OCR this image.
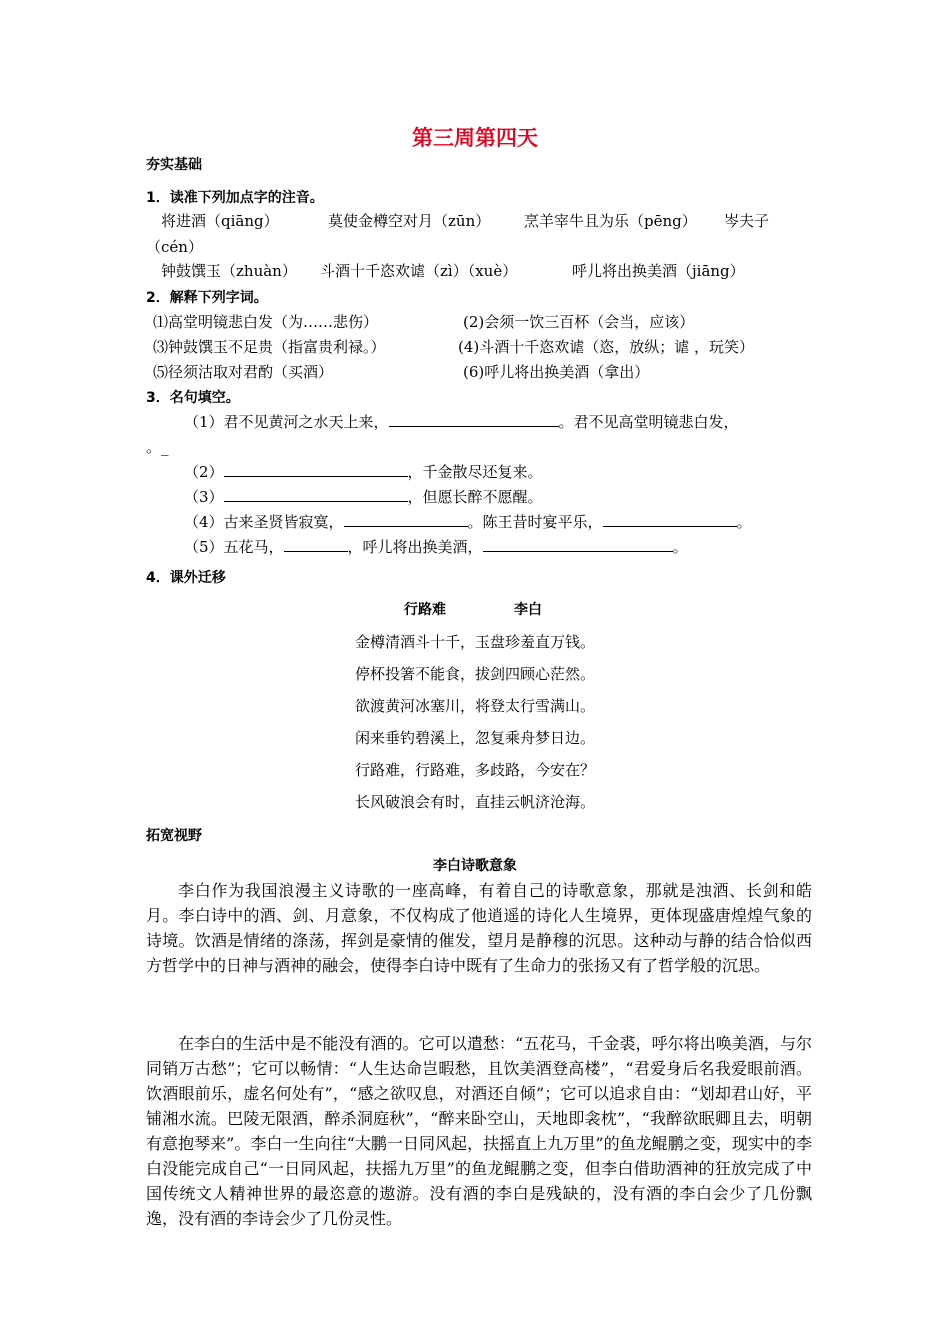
第三周第四天
夯实基础
1．读准下列加点字的注音。
将进酒（qiāng）	莫使金樽空对月（zūn） 烹羊宰牛且为乐（pēng） 岑夫子
（cén）
钟鼓馔玉（zhuàn） 斗酒十千恣欢谑（zì）（xuè）	呼儿将出换美酒（jiāng）
2．解释下列字词。
⑴高堂明镜悲白发（为……悲伤）	(2)会须一饮三百杯（会当，应该）
⑶钟鼓馔玉不足贵（指富贵利禄。）	(4)斗酒十千恣欢谑（恣，放纵；谑 ，玩笑）
⑸径须沽取对君酌（买酒）	(6)呼儿将出换美酒（拿出）
3．名句填空。
（1）君不见黄河之水天上来，	。君不见高堂明镜悲白发，
。_
（2）	，千金散尽还复来。
（3）	，但愿长醉不愿醒。
（4）古来圣贤皆寂寞，	。陈王昔时宴平乐，	。
（5）五花马，	，呼儿将出换美酒，	。
4．课外迁移
行路难	李白
金樽清酒斗十千，玉盘珍羞直万钱。
停杯投箸不能食，拔剑四顾心茫然。
欲渡黄河冰塞川，将登太行雪满山。
闲来垂钓碧溪上，忽复乘舟梦日边。
行路难，行路难，多歧路，今安在？
长风破浪会有时，直挂云帆济沧海。
拓宽视野
李白诗歌意象
李白作为我国浪漫主义诗歌的一座高峰，有着自己的诗歌意象，那就是浊酒、长剑和皓月。李白诗中的酒、剑、月意象，不仅构成了他逍遥的诗化人生境界，更体现盛唐煌煌气象的诗境。饮酒是情绪的涤荡，挥剑是豪情的催发，望月是静穆的沉思。这种动与静的结合恰似西方哲学中的日神与酒神的融会，使得李白诗中既有了生命力的张扬又有了哲学般的沉思。
在李白的生活中是不能没有酒的。它可以遣愁：“五花马，千金裘，呼尔将出唤美酒，与尔同销万古愁”；它可以畅情：“人生达命岂暇愁，且饮美酒登高楼”，“君爱身后名我爱眼前酒。饮酒眼前乐，虚名何处有”，“感之欲叹息，对酒还自倾”；它可以追求自由：“划却君山好，平铺湘水流。巴陵无限酒，醉杀洞庭秋”，“醉来卧空山，天地即衾枕”，“我醉欲眠卿且去，明朝有意抱琴来”。李白一生向往“大鹏一日同风起，扶摇直上九万里”的鱼龙鲲鹏之变，现实中的李白没能完成自己“一日同风起，扶摇九万里”的鱼龙鲲鹏之变，但李白借助酒神的狂放完成了中国传统文人精神世界的最恣意的遨游。没有酒的李白是残缺的，没有酒的李白会少了几份飘逸，没有酒的李诗会少了几份灵性。
